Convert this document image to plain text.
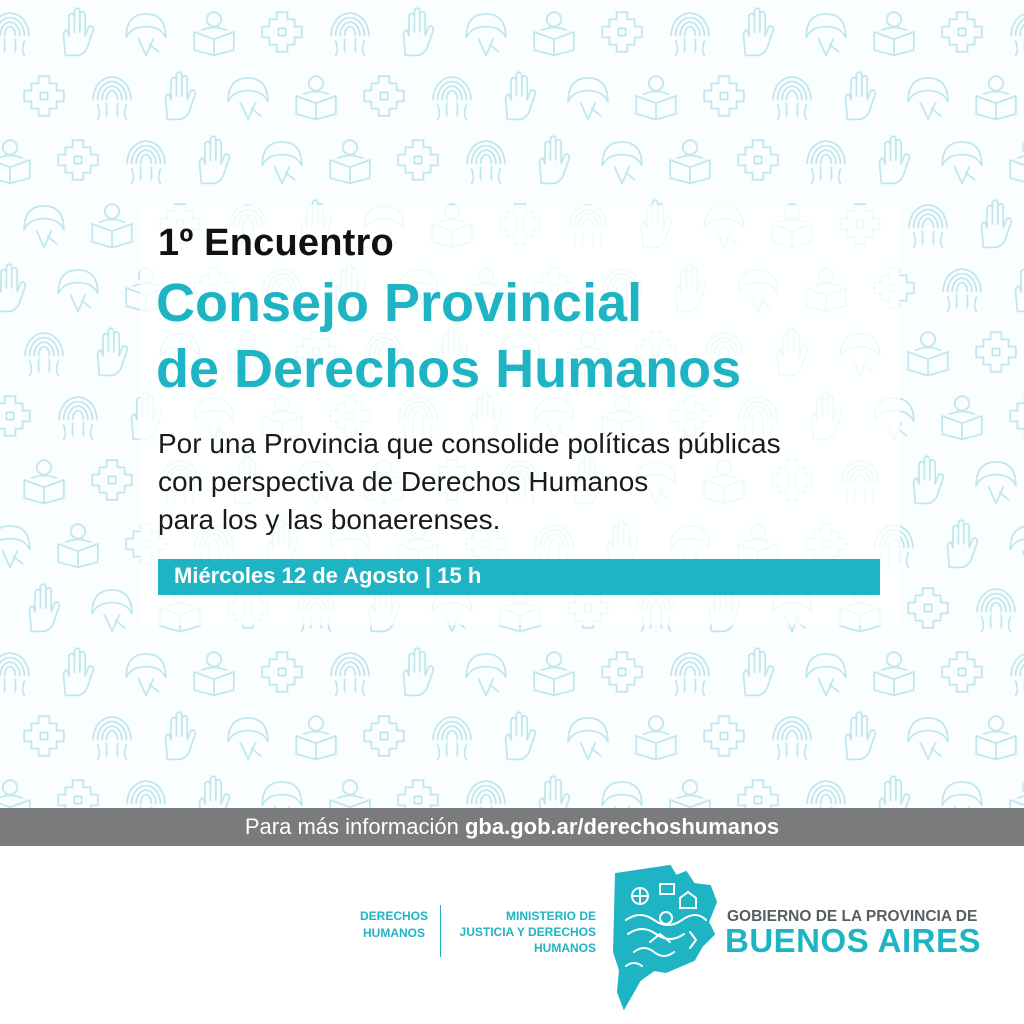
1º Encuentro
Consejo Provincial
de Derechos Humanos
Por una Provincia que consolide políticas públicas
con perspectiva de Derechos Humanos
para los y las bonaerenses.
Miércoles 12 de Agosto | 15 h
Para más información gba.gob.ar/derechoshumanos
DERECHOS
HUMANOS
MINISTERIO DE
JUSTICIA Y DERECHOS
HUMANOS
GOBIERNO DE LA PROVINCIA DE
BUENOS AIRES
